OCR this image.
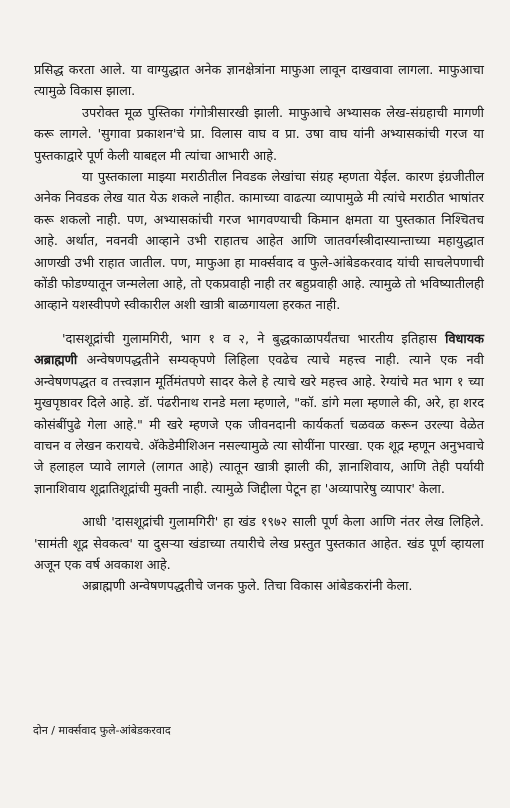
प्रसिद्ध करता आले. या वाग्युद्धात अनेक ज्ञानक्षेत्रांना माफुआ लावून दाखवावा लागला. माफुआचा त्यामुळे विकास झाला.

उपरोक्त मूळ पुस्तिका गंगोत्रीसारखी झाली. माफुआचे अभ्यासक लेख-संग्रहाची मागणी करू लागले. 'सुगावा प्रकाशन'चे प्रा. विलास वाघ व प्रा. उषा वाघ यांनी अभ्यासकांची गरज या पुस्तकाद्वारे पूर्ण केली याबद्दल मी त्यांचा आभारी आहे.

या पुस्तकाला माझ्या मराठीतील निवडक लेखांचा संग्रह म्हणता येईल. कारण इंग्रजीतील अनेक निवडक लेख यात येऊ शकले नाहीत. कामाच्या वाढत्या व्यापामुळे मी त्यांचे मराठीत भाषांतर करू शकलो नाही. पण, अभ्यासकांची गरज भागवण्याची किमान क्षमता या पुस्तकात निश्चितच आहे. अर्थात, नवनवी आव्हाने उभी राहातच आहेत आणि जातवर्गस्त्रीदास्यान्ताच्या महायुद्धात आणखी उभी राहात जातील. पण, माफुआ हा मार्क्सवाद व फुले-आंबेडकरवाद यांची साचलेपणाची कोंडी फोडण्यातून जन्मलेला आहे, तो एकप्रवाही नाही तर बहुप्रवाही आहे. त्यामुळे तो भविष्यातीलही आव्हाने यशस्वीपणे स्वीकारील अशी खात्री बाळगायला हरकत नाही.

'दासशूद्रांची गुलामगिरी, भाग १ व २, ने बुद्धकाळापर्यंतचा भारतीय इतिहास विधायक अब्राह्मणी अन्वेषणपद्धतीने सम्यक्‌पणे लिहिला एवढेच त्याचे महत्त्व नाही. त्याने एक नवी अन्वेषणपद्धत व तत्त्वज्ञान मूर्तिमंतपणे सादर केले हे त्याचे खरे महत्त्व आहे. रेग्यांचे मत भाग १ च्या मुखपृष्ठावर दिले आहे. डॉ. पंढरीनाथ रानडे मला म्हणाले, "कॉ. डांगे मला म्हणाले की, अरे, हा शरद कोसंबींपुढे गेला आहे." मी खरे म्हणजे एक जीवनदानी कार्यकर्ता चळवळ करून उरल्या वेळेत वाचन व लेखन करायचे. अ‍ॅकेडेमीशिअन नसल्यामुळे त्या सोयींना पारखा. एक शूद्र म्हणून अनुभवाचे जे हलाहल प्यावे लागले (लागत आहे) त्यातून खात्री झाली की, ज्ञानाशिवाय, आणि तेही पर्यायी ज्ञानाशिवाय शूद्रातिशूद्रांची मुक्ती नाही. त्यामुळे जिद्दीला पेटून हा 'अव्यापारेषु व्यापार' केला.

आधी 'दासशूद्रांची गुलामगिरी' हा खंड १९७२ साली पूर्ण केला आणि नंतर लेख लिहिले. 'सामंती शूद्र सेवकत्व' या दुसऱ्या खंडाच्या तयारीचे लेख प्रस्तुत पुस्तकात आहेत. खंड पूर्ण व्हायला अजून एक वर्ष अवकाश आहे.

अब्राह्मणी अन्वेषणपद्धतीचे जनक फुले. तिचा विकास आंबेडकरांनी केला.

दोन / मार्क्सवाद फुले-आंबेडकरवाद
